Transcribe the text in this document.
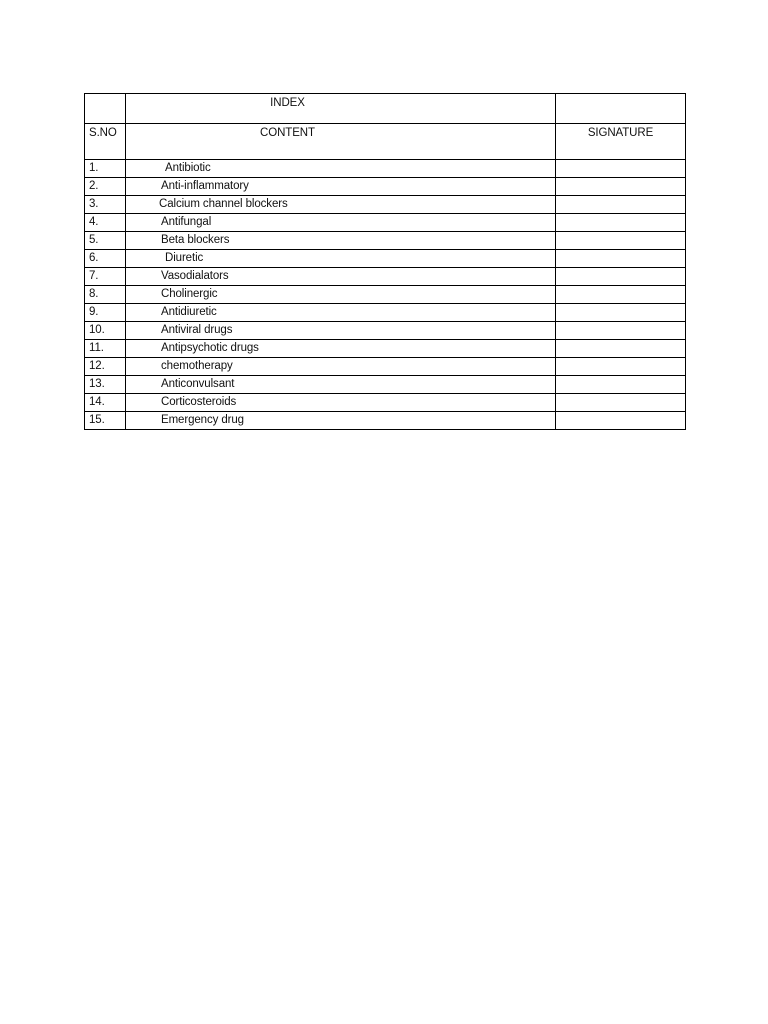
	INDEX	
S.NO	CONTENT	SIGNATURE
1.	Antibiotic	
2.	Anti-inflammatory	
3.	Calcium channel blockers	
4.	Antifungal	
5.	Beta blockers	
6.	Diuretic	
7.	Vasodialators	
8.	Cholinergic	
9.	Antidiuretic	
10.	Antiviral drugs	
11.	Antipsychotic drugs	
12.	chemotherapy	
13.	Anticonvulsant	
14.	Corticosteroids	
15.	Emergency drug	
